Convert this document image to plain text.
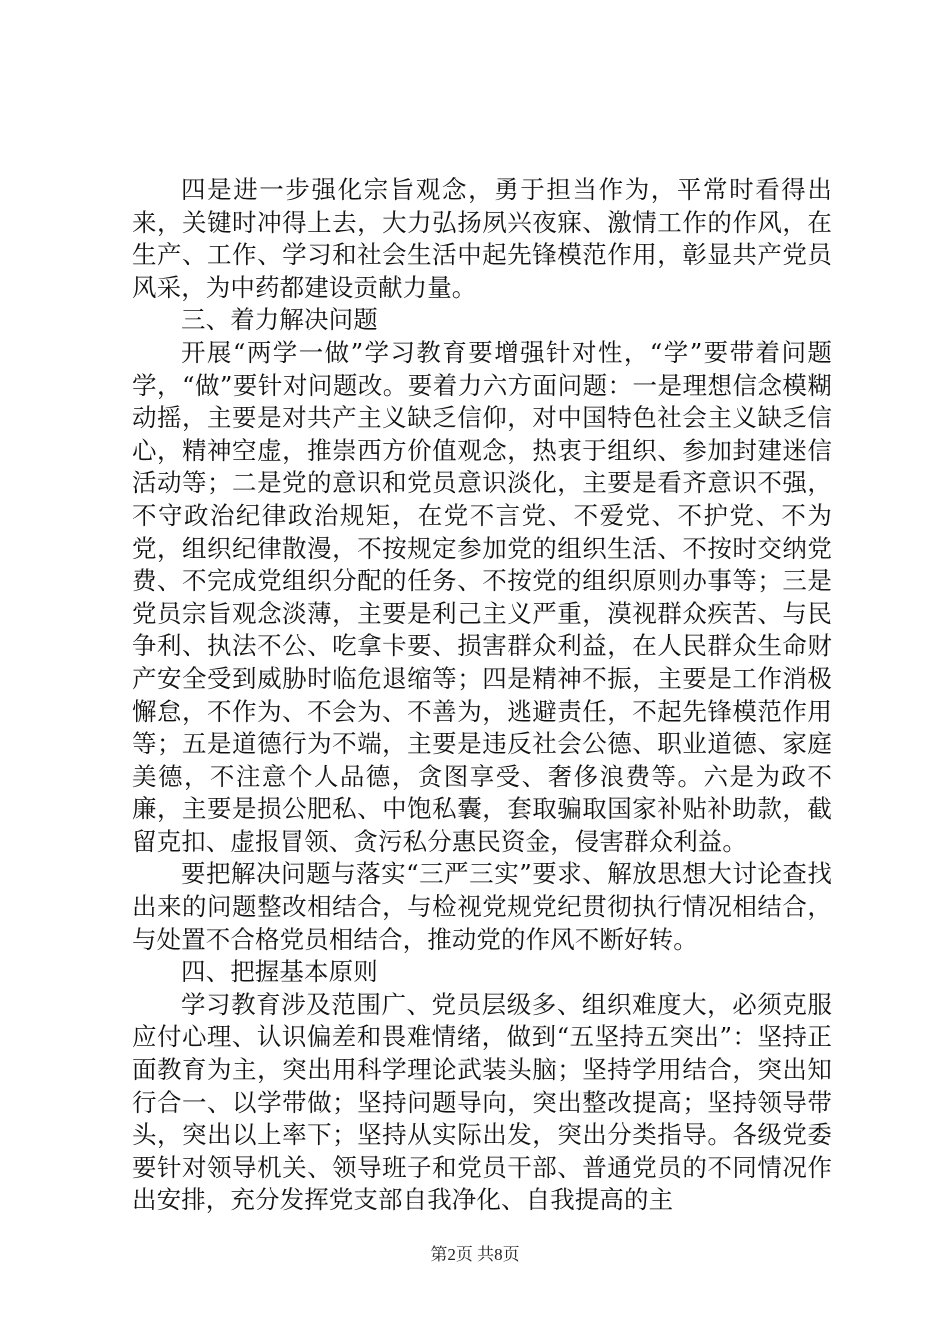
四是进一步强化宗旨观念，勇于担当作为，平常时看得出来，关键时冲得上去，大力弘扬夙兴夜寐、激情工作的作风，在生产、工作、学习和社会生活中起先锋模范作用，彰显共产党员风采，为中药都建设贡献力量。

三、着力解决问题

开展“两学一做”学习教育要增强针对性，“学”要带着问题学，“做”要针对问题改。要着力六方面问题：一是理想信念模糊动摇，主要是对共产主义缺乏信仰，对中国特色社会主义缺乏信心，精神空虚，推崇西方价值观念，热衷于组织、参加封建迷信活动等；二是党的意识和党员意识淡化，主要是看齐意识不强，不守政治纪律政治规矩，在党不言党、不爱党、不护党、不为党，组织纪律散漫，不按规定参加党的组织生活、不按时交纳党费、不完成党组织分配的任务、不按党的组织原则办事等；三是党员宗旨观念淡薄，主要是利己主义严重，漠视群众疾苦、与民争利、执法不公、吃拿卡要、损害群众利益，在人民群众生命财产安全受到威胁时临危退缩等；四是精神不振，主要是工作消极懈怠，不作为、不会为、不善为，逃避责任，不起先锋模范作用等；五是道德行为不端，主要是违反社会公德、职业道德、家庭美德，不注意个人品德，贪图享受、奢侈浪费等。六是为政不廉，主要是损公肥私、中饱私囊，套取骗取国家补贴补助款，截留克扣、虚报冒领、贪污私分惠民资金，侵害群众利益。

要把解决问题与落实“三严三实”要求、解放思想大讨论查找出来的问题整改相结合，与检视党规党纪贯彻执行情况相结合，与处置不合格党员相结合，推动党的作风不断好转。

四、把握基本原则

学习教育涉及范围广、党员层级多、组织难度大，必须克服应付心理、认识偏差和畏难情绪，做到“五坚持五突出”：坚持正面教育为主，突出用科学理论武装头脑；坚持学用结合，突出知行合一、以学带做；坚持问题导向，突出整改提高；坚持领导带头，突出以上率下；坚持从实际出发，突出分类指导。各级党委要针对领导机关、领导班子和党员干部、普通党员的不同情况作出安排，充分发挥党支部自我净化、自我提高的主

第2页 共8页
